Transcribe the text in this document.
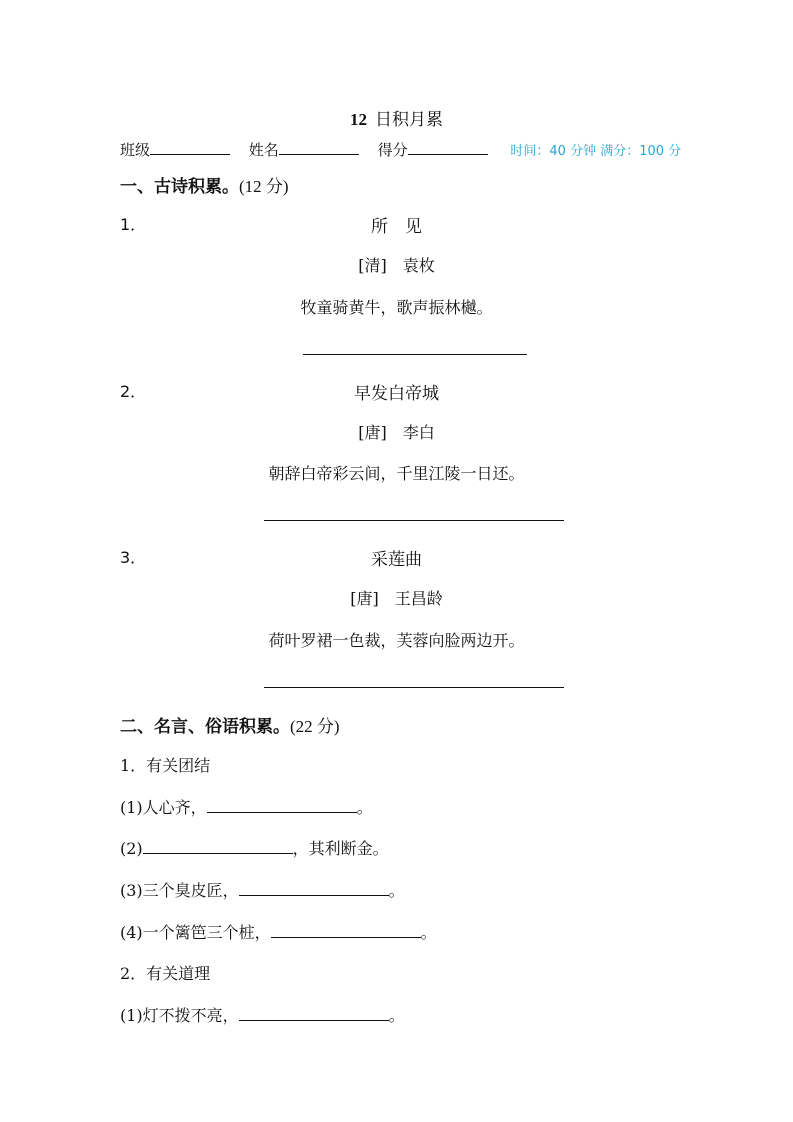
12 日积月累
班级	姓名	得分	时间：40 分钟 满分：100 分
一、古诗积累。(12 分)
1．	所　见
[清]　袁枚
牧童骑黄牛，歌声振林樾。
2．	早发白帝城
[唐]　李白
朝辞白帝彩云间，千里江陵一日还。
3．	采莲曲
[唐]　王昌龄
荷叶罗裙一色裁，芙蓉向脸两边开。
二、名言、俗语积累。(22 分)
1．有关团结
(1)人心齐，	。
(2)	，其利断金。
(3)三个臭皮匠，	。
(4)一个篱笆三个桩，	。
2．有关道理
(1)灯不拨不亮，	。
